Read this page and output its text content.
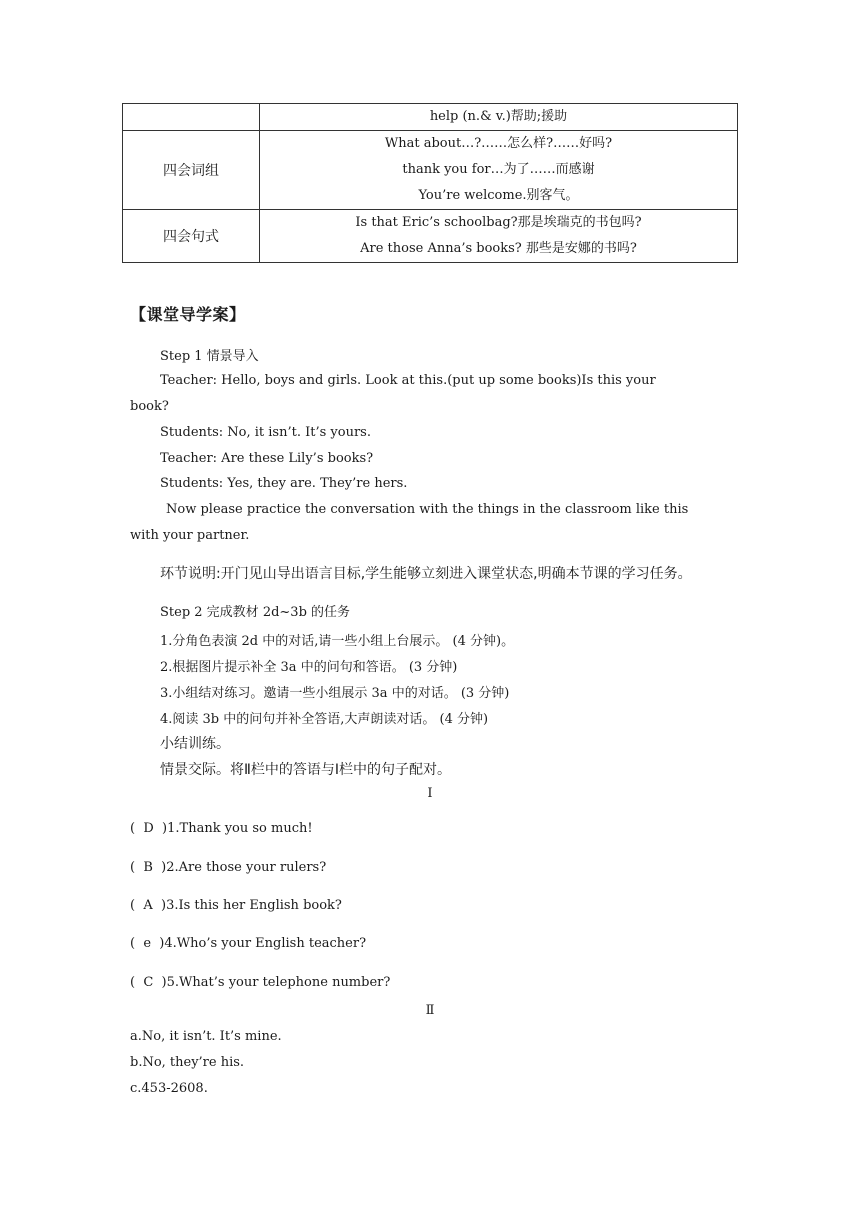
	help (n.& v.)帮助;援助

四会词组	What about…?……怎么样?……好吗?
thank you for…为了……而感谢
You’re welcome.别客气。

四会句式	Is that Eric’s schoolbag?那是埃瑞克的书包吗?
Are those Anna’s books? 那些是安娜的书吗?
【课堂导学案】
Step 1 情景导入
Teacher: Hello, boys and girls. Look at this.(put up some books)Is this your
book?
Students: No, it isn’t. It’s yours.
Teacher: Are these Lily’s books?
Students: Yes, they are. They’re hers.
Now please practice the conversation with the things in the classroom like this
with your partner.
环节说明:开门见山导出语言目标,学生能够立刻进入课堂状态,明确本节课的学习任务。
Step 2 完成教材 2d~3b 的任务
1.分角色表演 2d 中的对话,请一些小组上台展示。 (4 分钟)。
2.根据图片提示补全 3a 中的问句和答语。 (3 分钟)
3.小组结对练习。邀请一些小组展示 3a 中的对话。 (3 分钟)
4.阅读 3b 中的问句并补全答语,大声朗读对话。 (4 分钟)
小结训练。
情景交际。将Ⅱ栏中的答语与Ⅰ栏中的句子配对。
Ⅰ
(  D  )1.Thank you so much!
(  B  )2.Are those your rulers?
(  A  )3.Is this her English book?
(  e  )4.Who’s your English teacher?
(  C  )5.What’s your telephone number?
Ⅱ
a.No, it isn’t. It’s mine.
b.No, they’re his.
c.453-2608.
